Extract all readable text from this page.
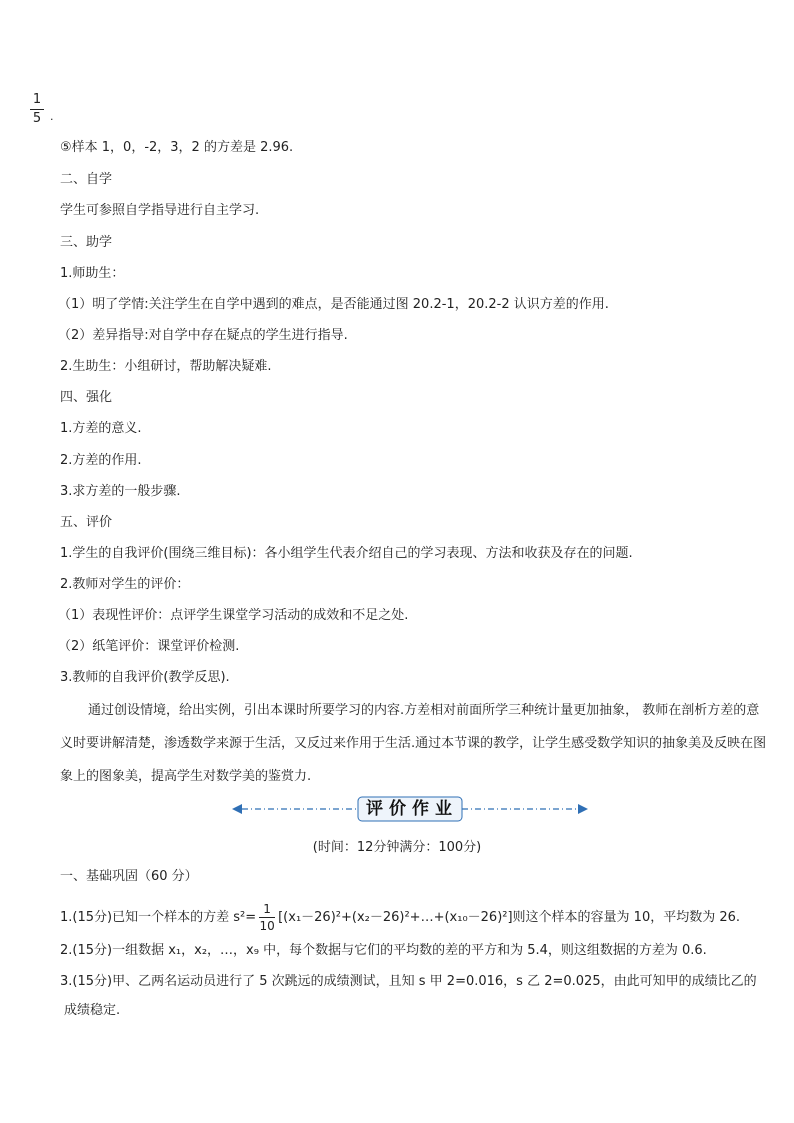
1
5 .
⑤样本 1，0，-2，3，2 的方差是 2.96.
二、自学
学生可参照自学指导进行自主学习.
三、助学
1.师助生：
（1）明了学情:关注学生在自学中遇到的难点，是否能通过图 20.2-1，20.2-2 认识方差的作用.
（2）差异指导:对自学中存在疑点的学生进行指导.
2.生助生：小组研讨，帮助解决疑难.
四、强化
1.方差的意义.
2.方差的作用.
3.求方差的一般步骤.
五、评价
1.学生的自我评价(围绕三维目标)：各小组学生代表介绍自己的学习表现、方法和收获及存在的问题.
2.教师对学生的评价：
（1）表现性评价：点评学生课堂学习活动的成效和不足之处.
（2）纸笔评价：课堂评价检测.
3.教师的自我评价(教学反思).
通过创设情境，给出实例，引出本课时所要学习的内容.方差相对前面所学三种统计量更加抽象， 教师在剖析方差的意义时要讲解清楚，渗透数学来源于生活，又反过来作用于生活.通过本节课的教学，让学生感受数学知识的抽象美及反映在图象上的图象美，提高学生对数学美的鉴赏力.
评价作业
(时间：12分钟满分：100分)
一、基础巩固（60 分）
1.(15分)已知一个样本的方差 $s^2= \frac{1}{10}$ [(x₁－26)²+(x₂－26)²+…+(x₁₀－26)²]则这个样本的容量为 10，平均数为 26.
2.(15分)一组数据 x₁，x₂，…，x₉ 中，每个数据与它们的平均数的差的平方和为 5.4，则这组数据的方差为 0.6.
3.(15分)甲、乙两名运动员进行了 5 次跳远的成绩测试，且知 s 甲 2=0.016，s 乙 2=0.025，由此可知甲的成绩比乙的
成绩稳定.
